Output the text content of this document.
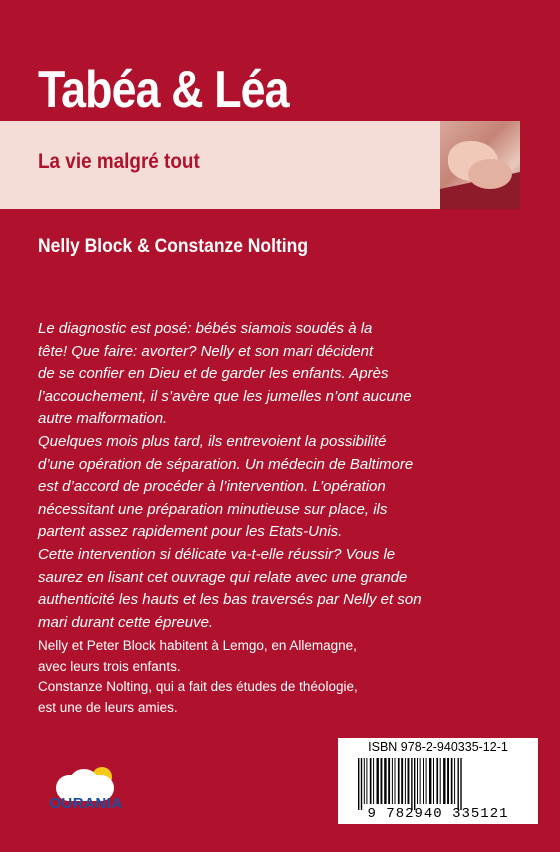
Tabéa & Léa
La vie malgré tout
Nelly Block & Constanze Nolting

Le diagnostic est posé: bébés siamois soudés à la

tête! Que faire: avorter? Nelly et son mari décident

de se confier en Dieu et de garder les enfants. Après

l’accouchement, il s’avère que les jumelles n’ont aucune

autre malformation.

Quelques mois plus tard, ils entrevoient la possibilité

d’une opération de séparation. Un médecin de Baltimore

est d’accord de procéder à l’intervention. L’opération

nécessitant une préparation minutieuse sur place, ils

partent assez rapidement pour les Etats-Unis.

Cette intervention si délicate va-t-elle réussir? Vous le

saurez en lisant cet ouvrage qui relate avec une grande

authenticité les hauts et les bas traversés par Nelly et son

mari durant cette épreuve.

Nelly et Peter Block habitent à Lemgo, en Allemagne,

avec leurs trois enfants.

Constanze Nolting, qui a fait des études de théologie,

est une de leurs amies.

OURANIA
ISBN 978-2-940335-12-1
9 782940 335121
